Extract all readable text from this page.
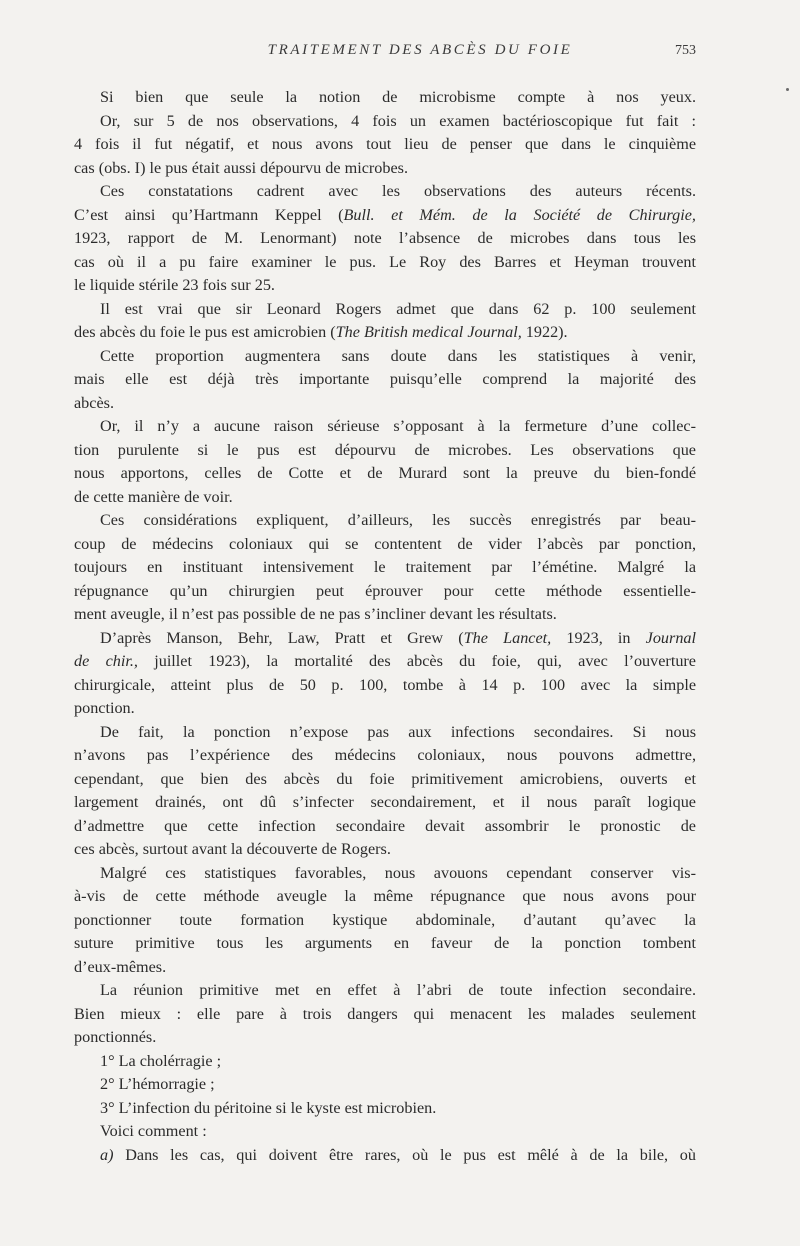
TRAITEMENT DES ABCÈS DU FOIE	753
Si bien que seule la notion de microbisme compte à nos yeux.
Or, sur 5 de nos observations, 4 fois un examen bactérioscopique fut fait :
4 fois il fut négatif, et nous avons tout lieu de penser que dans le cinquième
cas (obs. I) le pus était aussi dépourvu de microbes.
Ces constatations cadrent avec les observations des auteurs récents.
C’est ainsi qu’Hartmann Keppel (Bull. et Mém. de la Société de Chirurgie,
1923, rapport de M. Lenormant) note l’absence de microbes dans tous les
cas où il a pu faire examiner le pus. Le Roy des Barres et Heyman trouvent
le liquide stérile 23 fois sur 25.
Il est vrai que sir Leonard Rogers admet que dans 62 p. 100 seulement
des abcès du foie le pus est amicrobien (The British medical Journal, 1922).
Cette proportion augmentera sans doute dans les statistiques à venir,
mais elle est déjà très importante puisqu’elle comprend la majorité des
abcès.
Or, il n’y a aucune raison sérieuse s’opposant à la fermeture d’une collec-
tion purulente si le pus est dépourvu de microbes. Les observations que
nous apportons, celles de Cotte et de Murard sont la preuve du bien-fondé
de cette manière de voir.
Ces considérations expliquent, d’ailleurs, les succès enregistrés par beau-
coup de médecins coloniaux qui se contentent de vider l’abcès par ponction,
toujours en instituant intensivement le traitement par l’émétine. Malgré la
répugnance qu’un chirurgien peut éprouver pour cette méthode essentielle-
ment aveugle, il n’est pas possible de ne pas s’incliner devant les résultats.
D’après Manson, Behr, Law, Pratt et Grew (The Lancet, 1923, in Journal
de chir., juillet 1923), la mortalité des abcès du foie, qui, avec l’ouverture
chirurgicale, atteint plus de 50 p. 100, tombe à 14 p. 100 avec la simple
ponction.
De fait, la ponction n’expose pas aux infections secondaires. Si nous
n’avons pas l’expérience des médecins coloniaux, nous pouvons admettre,
cependant, que bien des abcès du foie primitivement amicrobiens, ouverts et
largement drainés, ont dû s’infecter secondairement, et il nous paraît logique
d’admettre que cette infection secondaire devait assombrir le pronostic de
ces abcès, surtout avant la découverte de Rogers.
Malgré ces statistiques favorables, nous avouons cependant conserver vis-
à-vis de cette méthode aveugle la même répugnance que nous avons pour
ponctionner toute formation kystique abdominale, d’autant qu’avec la
suture primitive tous les arguments en faveur de la ponction tombent
d’eux-mêmes.
La réunion primitive met en effet à l’abri de toute infection secondaire.
Bien mieux : elle pare à trois dangers qui menacent les malades seulement
ponctionnés.
1° La cholérragie ;
2° L’hémorragie ;
3° L’infection du péritoine si le kyste est microbien.
Voici comment :
a) Dans les cas, qui doivent être rares, où le pus est mêlé à de la bile, où
